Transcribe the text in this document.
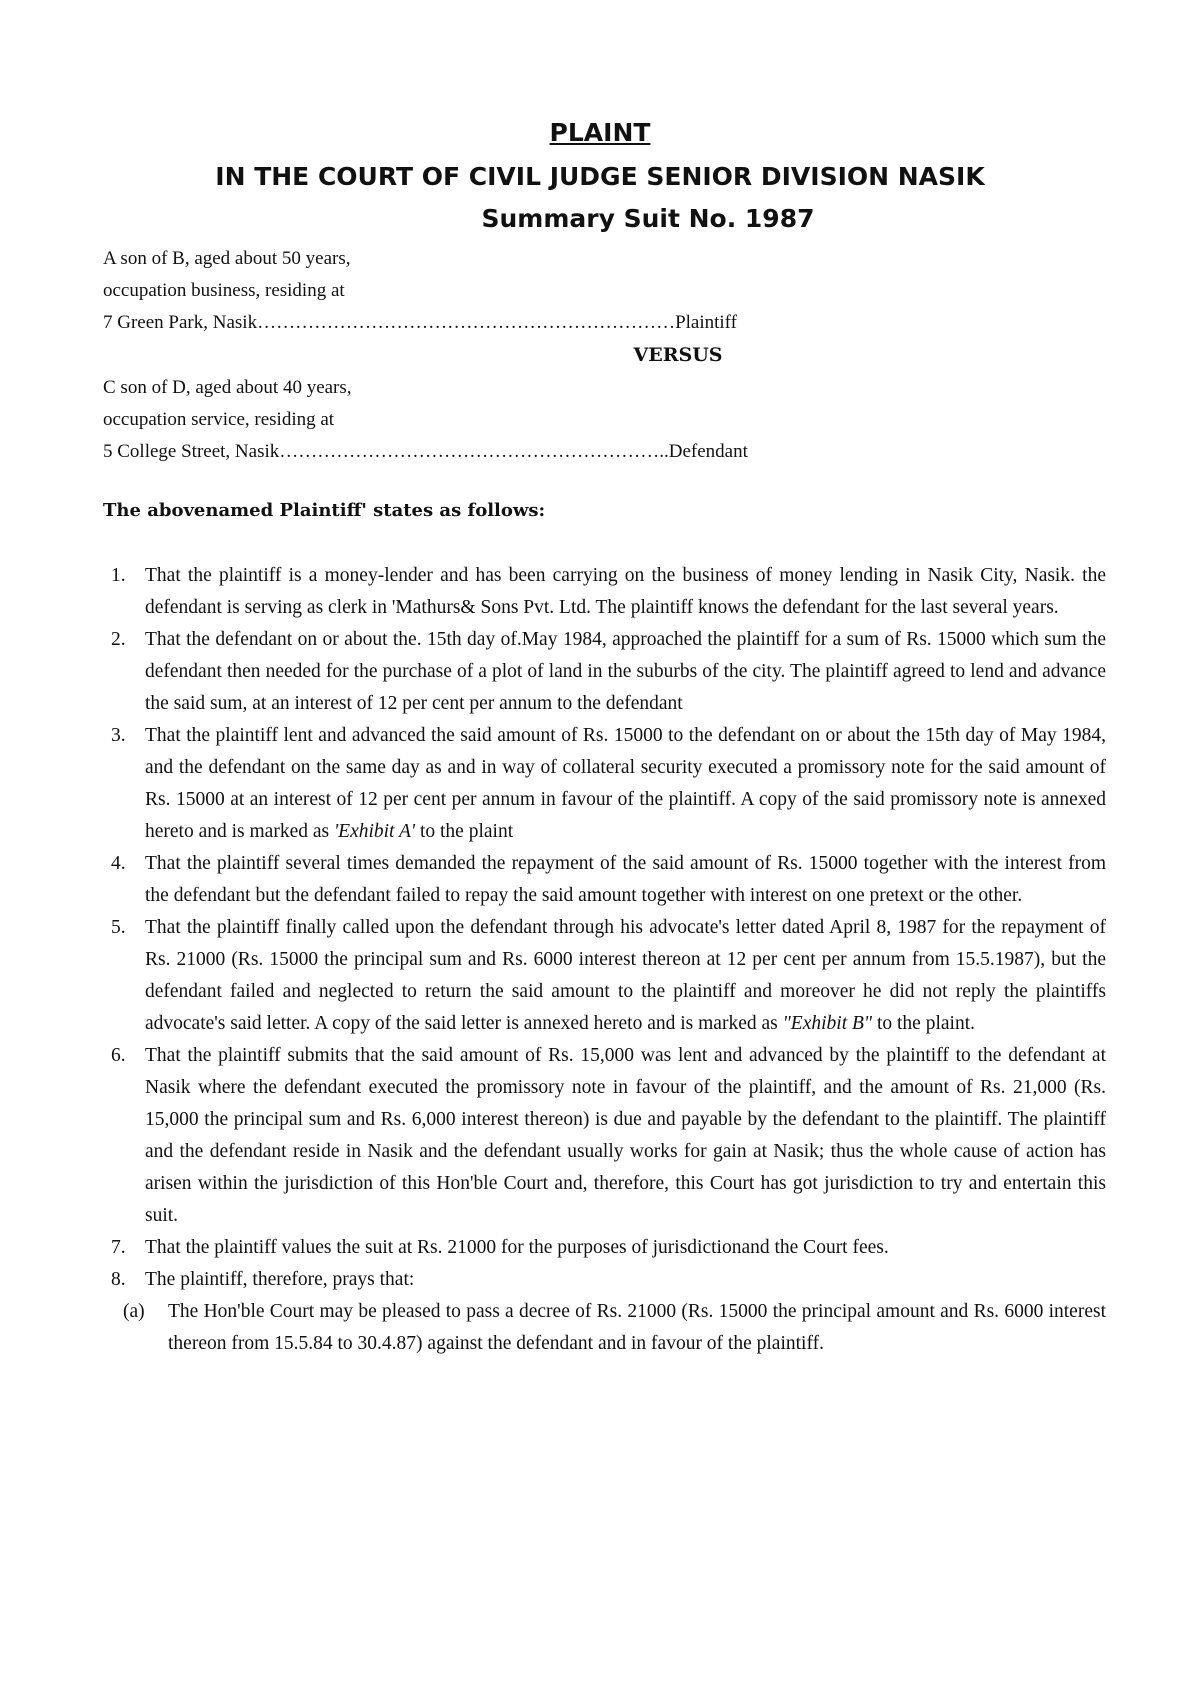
PLAINT
IN THE COURT OF CIVIL JUDGE SENIOR DIVISION NASIK
Summary Suit No. 1987
A son of B, aged about 50 years,
occupation business, residing at
7 Green Park, Nasik…………………………………………………………Plaintiff
VERSUS
C son of D, aged about 40 years,
occupation service, residing at
5 College Street, Nasik……………………………………………………..Defendant
The abovenamed Plaintiff' states as follows:
1. That the plaintiff is a money-lender and has been carrying on the business of money lending in Nasik City, Nasik. the defendant is serving as clerk in 'Mathurs& Sons Pvt. Ltd. The plaintiff knows the defendant for the last several years.
2. That the defendant on or about the. 15th day of.May 1984, approached the plaintiff for a sum of Rs. 15000 which sum the defendant then needed for the purchase of a plot of land in the suburbs of the city. The plaintiff agreed to lend and advance the said sum, at an interest of 12 per cent per annum to the defendant
3. That the plaintiff lent and advanced the said amount of Rs. 15000 to the defendant on or about the 15th day of May 1984, and the defendant on the same day as and in way of collateral security executed a promissory note for the said amount of Rs. 15000 at an interest of 12 per cent per annum in favour of the plaintiff. A copy of the said promissory note is annexed hereto and is marked as 'Exhibit A' to the plaint
4. That the plaintiff several times demanded the repayment of the said amount of Rs. 15000 together with the interest from the defendant but the defendant failed to repay the said amount together with interest on one pretext or the other.
5. That the plaintiff finally called upon the defendant through his advocate's letter dated April 8, 1987 for the repayment of Rs. 21000 (Rs. 15000 the principal sum and Rs. 6000 interest thereon at 12 per cent per annum from 15.5.1987), but the defendant failed and neglected to return the said amount to the plaintiff and moreover he did not reply the plaintiffs advocate's said letter. A copy of the said letter is annexed hereto and is marked as "Exhibit B" to the plaint.
6. That the plaintiff submits that the said amount of Rs. 15,000 was lent and advanced by the plaintiff to the defendant at Nasik where the defendant executed the promissory note in favour of the plaintiff, and the amount of Rs. 21,000 (Rs. 15,000 the principal sum and Rs. 6,000 interest thereon) is due and payable by the defendant to the plaintiff. The plaintiff and the defendant reside in Nasik and the defendant usually works for gain at Nasik; thus the whole cause of action has arisen within the jurisdiction of this Hon'ble Court and, therefore, this Court has got jurisdiction to try and entertain this suit.
7. That the plaintiff values the suit at Rs. 21000 for the purposes of jurisdictionand the Court fees.
8. The plaintiff, therefore, prays that:
(a) The Hon'ble Court may be pleased to pass a decree of Rs. 21000 (Rs. 15000 the principal amount and Rs. 6000 interest thereon from 15.5.84 to 30.4.87) against the defendant and in favour of the plaintiff.
